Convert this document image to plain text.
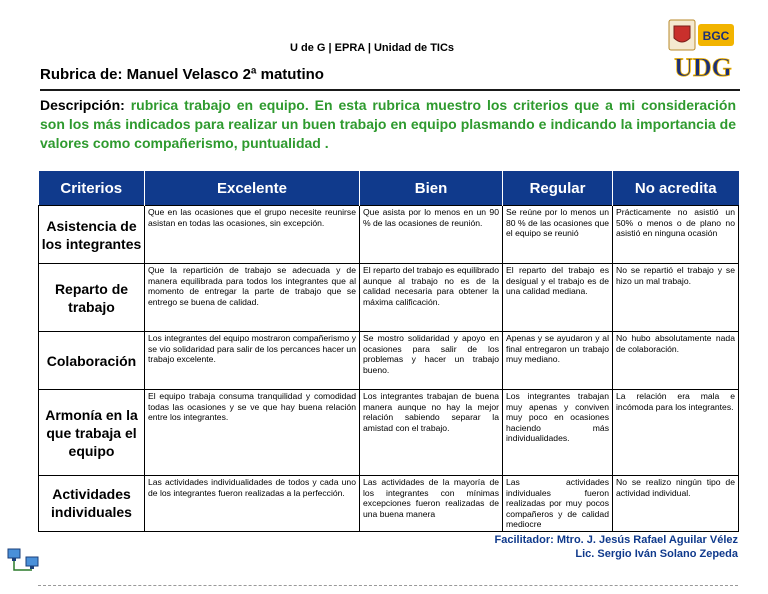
U de G | EPRA | Unidad de TICs
BGC
UDG
Rubrica de: Manuel Velasco 2ª matutino
Descripción: rubrica trabajo en equipo. En esta rubrica muestro los criterios que a mi consideración son los más indicados para realizar un buen trabajo en equipo plasmando e indicando la importancia de valores como compañerismo, puntualidad .
Criterios	Excelente	Bien	Regular	No acredita
Asistencia de los integrantes	Que en las ocasiones que el grupo necesite reunirse asistan en todas las ocasiones, sin excepción.	Que asista por lo menos en un 90 % de las ocasiones de reunión.	Se reúne por lo menos un 80 % de las ocasiones que el equipo se reunió	Prácticamente no asistió un 50% o menos o de plano no asistió en ninguna ocasión
Reparto de trabajo	Que la repartición de trabajo se adecuada y de manera equilibrada para todos los integrantes que al momento de entregar la parte de trabajo que se entrego se buena de calidad.	El reparto del trabajo es equilibrado aunque al trabajo no es de la calidad necesaria para obtener la máxima calificación.	El reparto del trabajo es desigual y el trabajo es de una calidad mediana.	No se repartió el trabajo y se hizo un mal trabajo.
Colaboración	Los integrantes del equipo mostraron compañerismo y se vio solidaridad para salir de los percances hacer un trabajo excelente.	Se mostro solidaridad y apoyo en ocasiones para salir de los problemas y hacer un trabajo bueno.	Apenas y se ayudaron y al final entregaron un trabajo muy mediano.	No hubo absolutamente nada de colaboración.
Armonía en la que trabaja el equipo	El equipo trabaja consuma tranquilidad y comodidad todas las ocasiones y se ve que hay buena relación entre los integrantes.	Los integrantes trabajan de buena manera aunque no hay la mejor relación sabiendo separar la amistad con el trabajo.	Los integrantes trabajan muy apenas y conviven muy poco en ocasiones haciendo más individualidades.	La relación era mala e incómoda para los integrantes.
Actividades individuales	Las actividades individualidades de todos y cada uno de los integrantes fueron realizadas a la perfección.	Las actividades de la mayoría de los integrantes con mínimas excepciones fueron realizadas de una buena manera	Las actividades individuales fueron realizadas por muy pocos compañeros y de calidad mediocre	No se realizo ningún tipo de actividad individual.
Facilitador: Mtro. J. Jesús Rafael Aguilar Vélez
Lic. Sergio Iván Solano Zepeda
